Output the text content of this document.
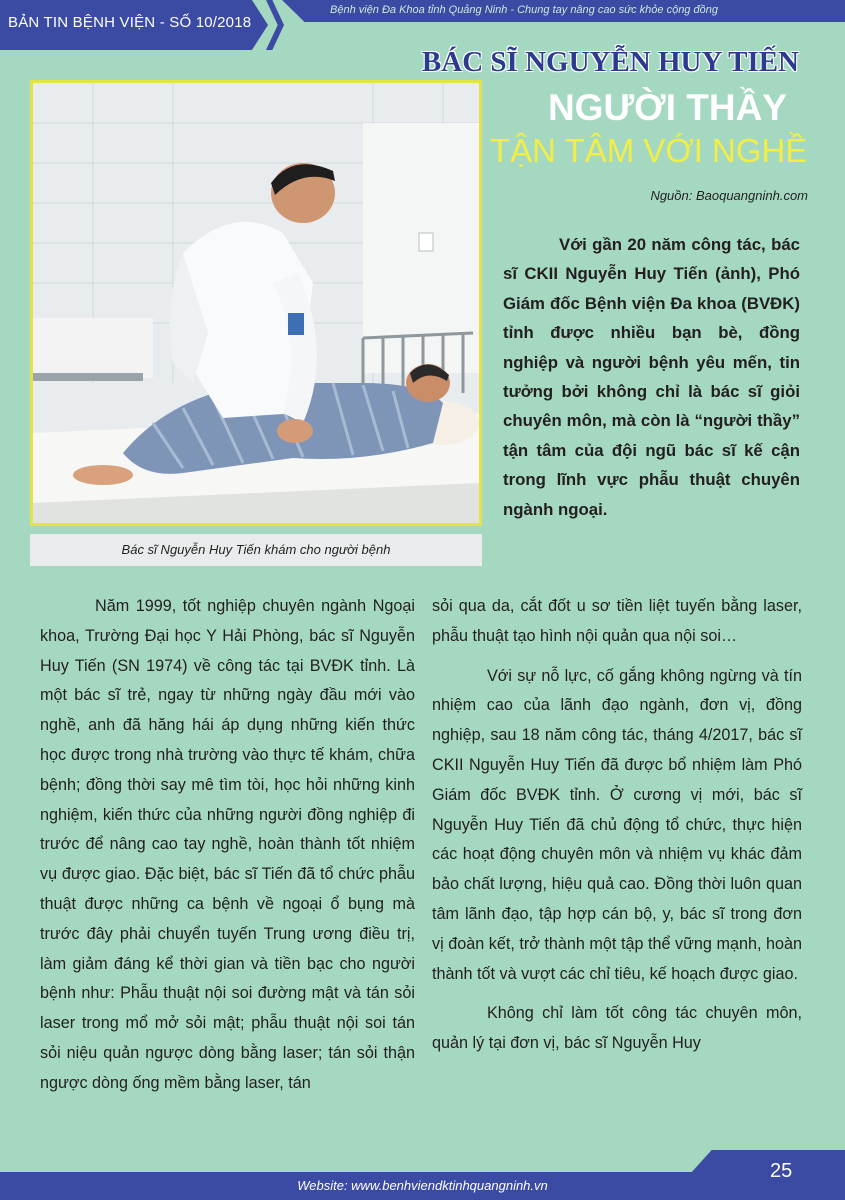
BẢN TIN BỆNH VIỆN - SỐ 10/2018
Bệnh viện Đa Khoa tỉnh Quảng Ninh - Chung tay nâng cao sức khỏe cộng đồng
BÁC SĨ NGUYỄN HUY TIẾN
NGƯỜI THẦY
TẬN TÂM VỚI NGHỀ
Nguồn: Baoquangninh.com
Bác sĩ Nguyễn Huy Tiến khám cho người bệnh
Với gần 20 năm công tác, bác sĩ CKII Nguyễn Huy Tiến (ảnh), Phó Giám đốc Bệnh viện Đa khoa (BVĐK) tỉnh được nhiều bạn bè, đồng nghiệp và người bệnh yêu mến, tin tưởng bởi không chỉ là bác sĩ giỏi chuyên môn, mà còn là “người thầy” tận tâm của đội ngũ bác sĩ kế cận trong lĩnh vực phẫu thuật chuyên ngành ngoại.

Năm 1999, tốt nghiệp chuyên ngành Ngoại khoa, Trường Đại học Y Hải Phòng, bác sĩ Nguyễn Huy Tiến (SN 1974) về công tác tại BVĐK tỉnh. Là một bác sĩ trẻ, ngay từ những ngày đầu mới vào nghề, anh đã hăng hái áp dụng những kiến thức học được trong nhà trường vào thực tế khám, chữa bệnh; đồng thời say mê tìm tòi, học hỏi những kinh nghiệm, kiến thức của những người đồng nghiệp đi trước để nâng cao tay nghề, hoàn thành tốt nhiệm vụ được giao. Đặc biệt, bác sĩ Tiến đã tổ chức phẫu thuật được những ca bệnh về ngoại ổ bụng mà trước đây phải chuyển tuyến Trung ương điều trị, làm giảm đáng kể thời gian và tiền bạc cho người bệnh như: Phẫu thuật nội soi đường mật và tán sỏi laser trong mổ mở sỏi mật; phẫu thuật nội soi tán sỏi niệu quản ngược dòng bằng laser; tán sỏi thận ngược dòng ống mềm bằng laser, tán

sỏi qua da, cắt đốt u sơ tiền liệt tuyến bằng laser, phẫu thuật tạo hình nội quản qua nội soi…

Với sự nỗ lực, cố gắng không ngừng và tín nhiệm cao của lãnh đạo ngành, đơn vị, đồng nghiệp, sau 18 năm công tác, tháng 4/2017, bác sĩ CKII Nguyễn Huy Tiến đã được bổ nhiệm làm Phó Giám đốc BVĐK tỉnh. Ở cương vị mới, bác sĩ Nguyễn Huy Tiến đã chủ động tổ chức, thực hiện các hoạt động chuyên môn và nhiệm vụ khác đảm bảo chất lượng, hiệu quả cao. Đồng thời luôn quan tâm lãnh đạo, tập hợp cán bộ, y, bác sĩ trong đơn vị đoàn kết, trở thành một tập thể vững mạnh, hoàn thành tốt và vượt các chỉ tiêu, kế hoạch được giao.

Không chỉ làm tốt công tác chuyên môn, quản lý tại đơn vị, bác sĩ Nguyễn Huy

Website: www.benhviendktinhquangninh.vn
25
